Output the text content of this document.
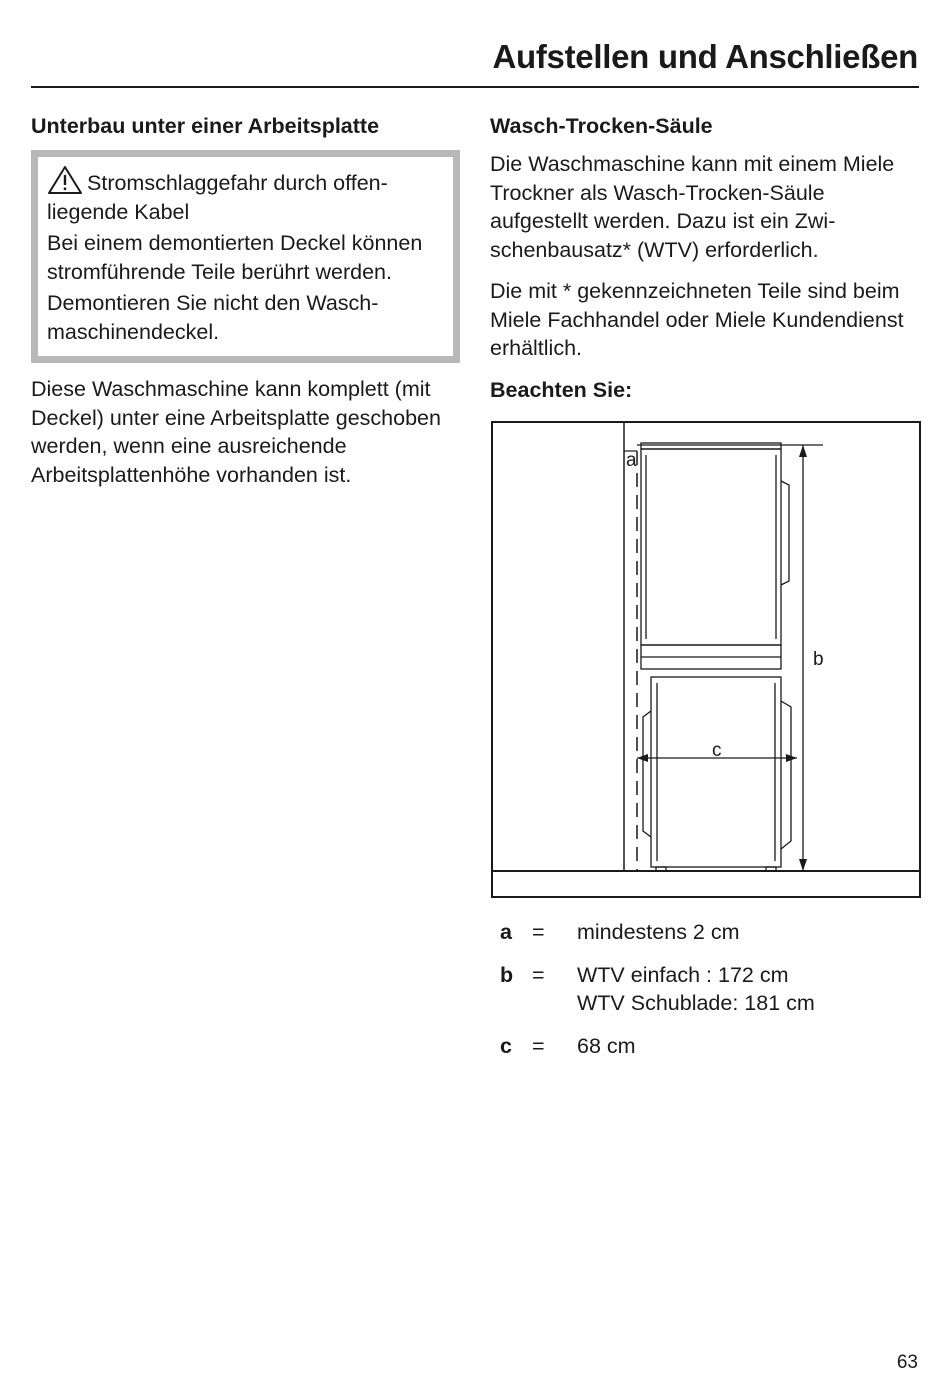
Aufstellen und Anschließen

Unterbau unter einer Arbeitsplatte

Stromschlaggefahr durch offenliegende Kabel

Bei einem demontierten Deckel können stromführende Teile berührt werden.

Demontieren Sie nicht den Waschmaschinendeckel.

Diese Waschmaschine kann komplett (mit Deckel) unter eine Arbeitsplatte geschoben werden, wenn eine ausreichende Arbeitsplattenhöhe vorhanden ist.

Wasch-Trocken-Säule

Die Waschmaschine kann mit einem Miele Trockner als Wasch-Trocken-Säule aufgestellt werden. Dazu ist ein Zwischenbausatz* (WTV) erforderlich.

Die mit * gekennzeichneten Teile sind beim Miele Fachhandel oder Miele Kundendienst erhältlich.

Beachten Sie:

a
b
c
a =	mindestens 2 cm
b =	WTV einfach : 172 cm
WTV Schublade: 181 cm
c =	68 cm
63
